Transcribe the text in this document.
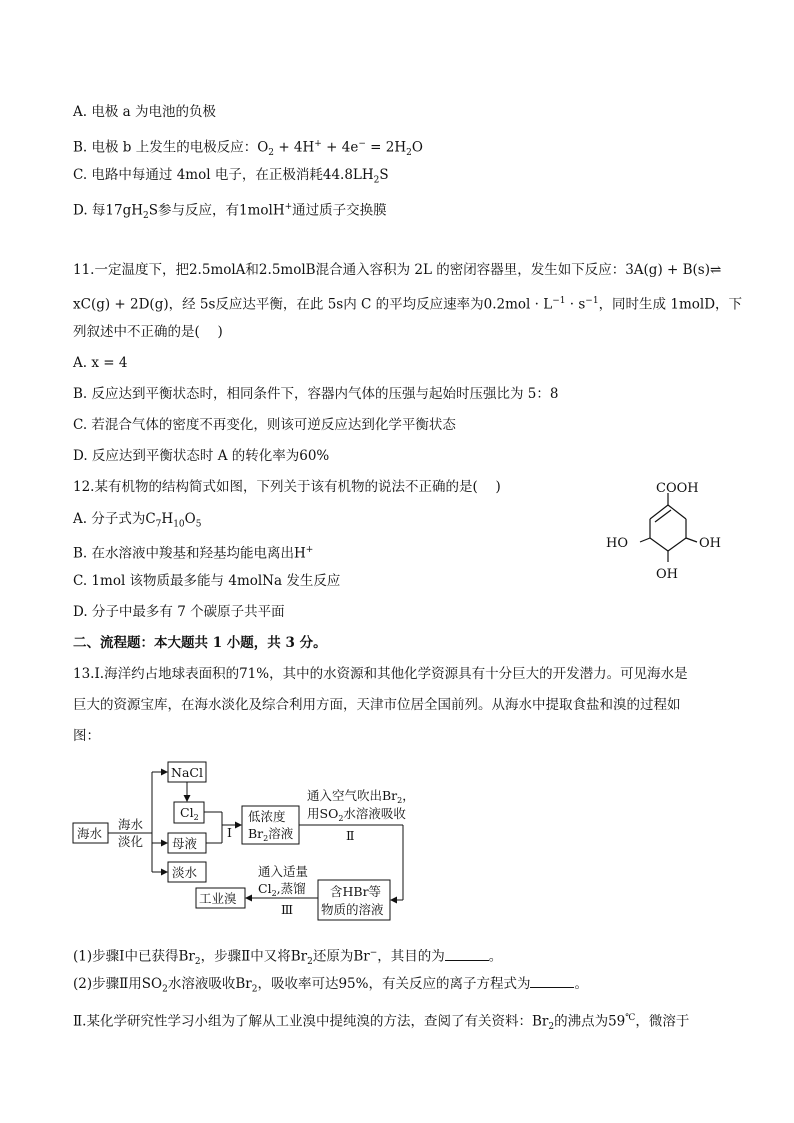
A. 电极 a 为电池的负极
B. 电极 b 上发生的电极反应：$O_2 + 4H^+ + 4e^- = 2H_2O$
C. 电路中每通过 4mol 电子，在正极消耗$44.8LH_2S$
D. 每$17gH_2S$参与反应，有1molH+通过质子交换膜
11.一定温度下，把2.5molA和2.5molB混合通入容积为 2L 的密闭容器里，发生如下反应：3A(g) + B(s)⇌
xC(g) + 2D(g)，经 5s反应达平衡，在此 5s内 C 的平均反应速率为$0.2mol \cdot L^{-1} \cdot s^{-1}$，同时生成 1molD，下
列叙述中不正确的是(　 )
A. x = 4
B. 反应达到平衡状态时，相同条件下，容器内气体的压强与起始时压强比为 5：8
C. 若混合气体的密度不再变化，则该可逆反应达到化学平衡状态
D. 反应达到平衡状态时 A 的转化率为60%
12.某有机物的结构简式如图，下列关于该有机物的说法不正确的是(　 )
A. 分子式为$C_7H_{10}O_5$
B. 在水溶液中羧基和羟基均能电离出H+
C. 1mol 该物质最多能与 4molNa 发生反应
D. 分子中最多有 7 个碳原子共平面
COOH
HO	OH
OH
二、流程题：本大题共 1 小题，共 3 分。
13.Ⅰ.海洋约占地球表面积的71%，其中的水资源和其他化学资源具有十分巨大的开发潜力。可见海水是
巨大的资源宝库，在海水淡化及综合利用方面，天津市位居全国前列。从海水中提取食盐和溴的过程如
图：
海水
海水
淡化
NaCl
$Cl_2$
母液
淡水
Ⅰ
低浓度
$Br_2$溶液
通入空气吹出$Br_2$，
用$SO_2$水溶液吸收
Ⅱ
含HBr等
物质的溶液
通入适量
$Cl_2$,蒸馏
Ⅲ
工业溴
(1)步骤Ⅰ中已获得$Br_2$，步骤Ⅱ中又将$Br_2$还原为Br−，其目的为	。
(2)步骤Ⅱ用$SO_2$水溶液吸收$Br_2$，吸收率可达95%，有关反应的离子方程式为	。
Ⅱ.某化学研究性学习小组为了解从工业溴中提纯溴的方法，查阅了有关资料：$Br_2$的沸点为59℃，微溶于
